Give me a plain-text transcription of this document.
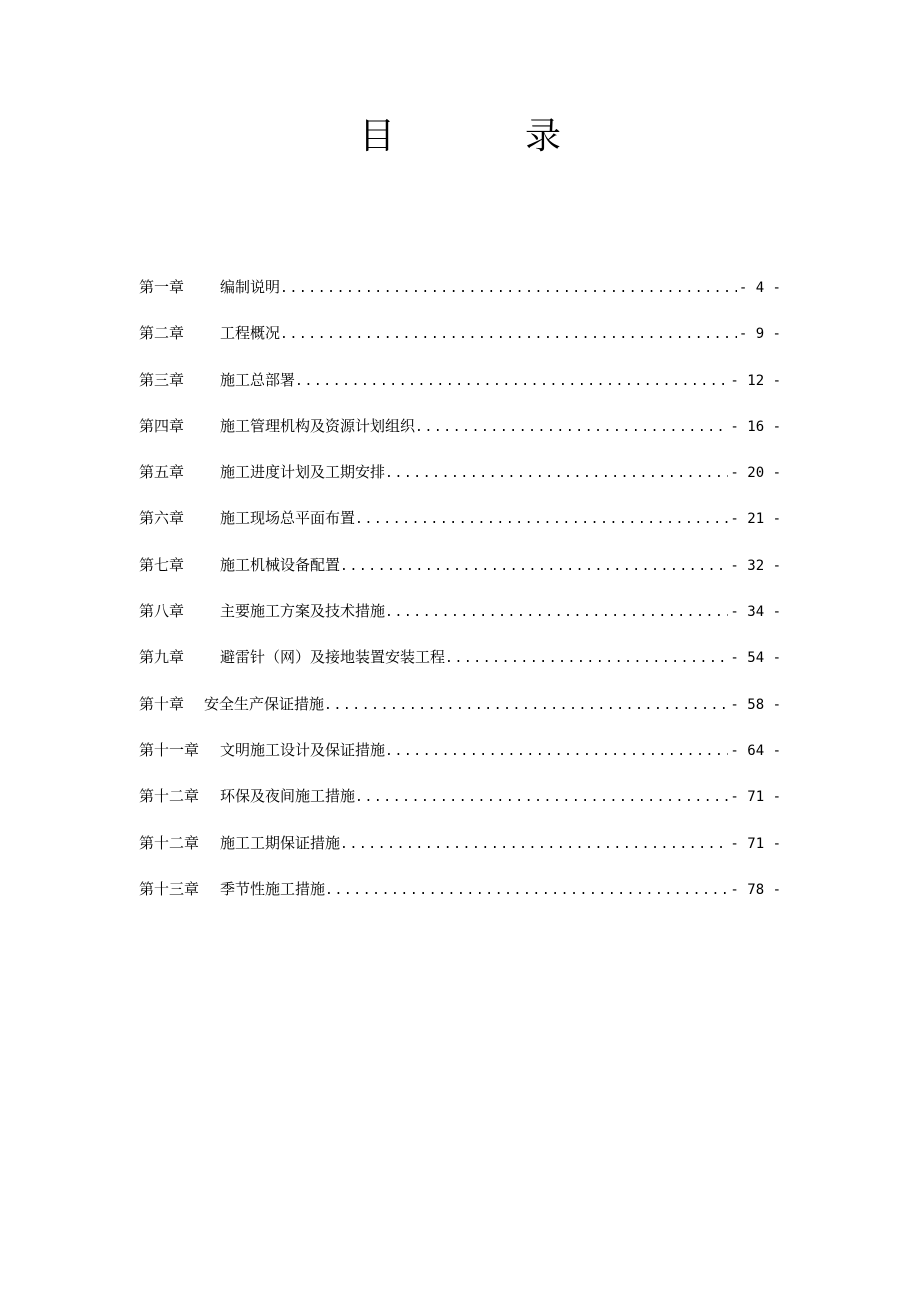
目	录
第一章	编制说明 .....	- 4 -
第二章	工程概况 .....	- 9 -
第三章	施工总部署 .....	- 12 -
第四章	施工管理机构及资源计划组织 .....	- 16 -
第五章	施工进度计划及工期安排 .....	- 20 -
第六章	施工现场总平面布置 .....	- 21 -
第七章	施工机械设备配置 .....	- 32 -
第八章	主要施工方案及技术措施 .....	- 34 -
第九章	避雷针（网）及接地装置安装工程 .....	- 54 -
第十章	安全生产保证措施 .....	- 58 -
第十一章	文明施工设计及保证措施 .....	- 64 -
第十二章	环保及夜间施工措施 .....	- 71 -
第十二章	施工工期保证措施 .....	- 71 -
第十三章	季节性施工措施 .....	- 78 -
